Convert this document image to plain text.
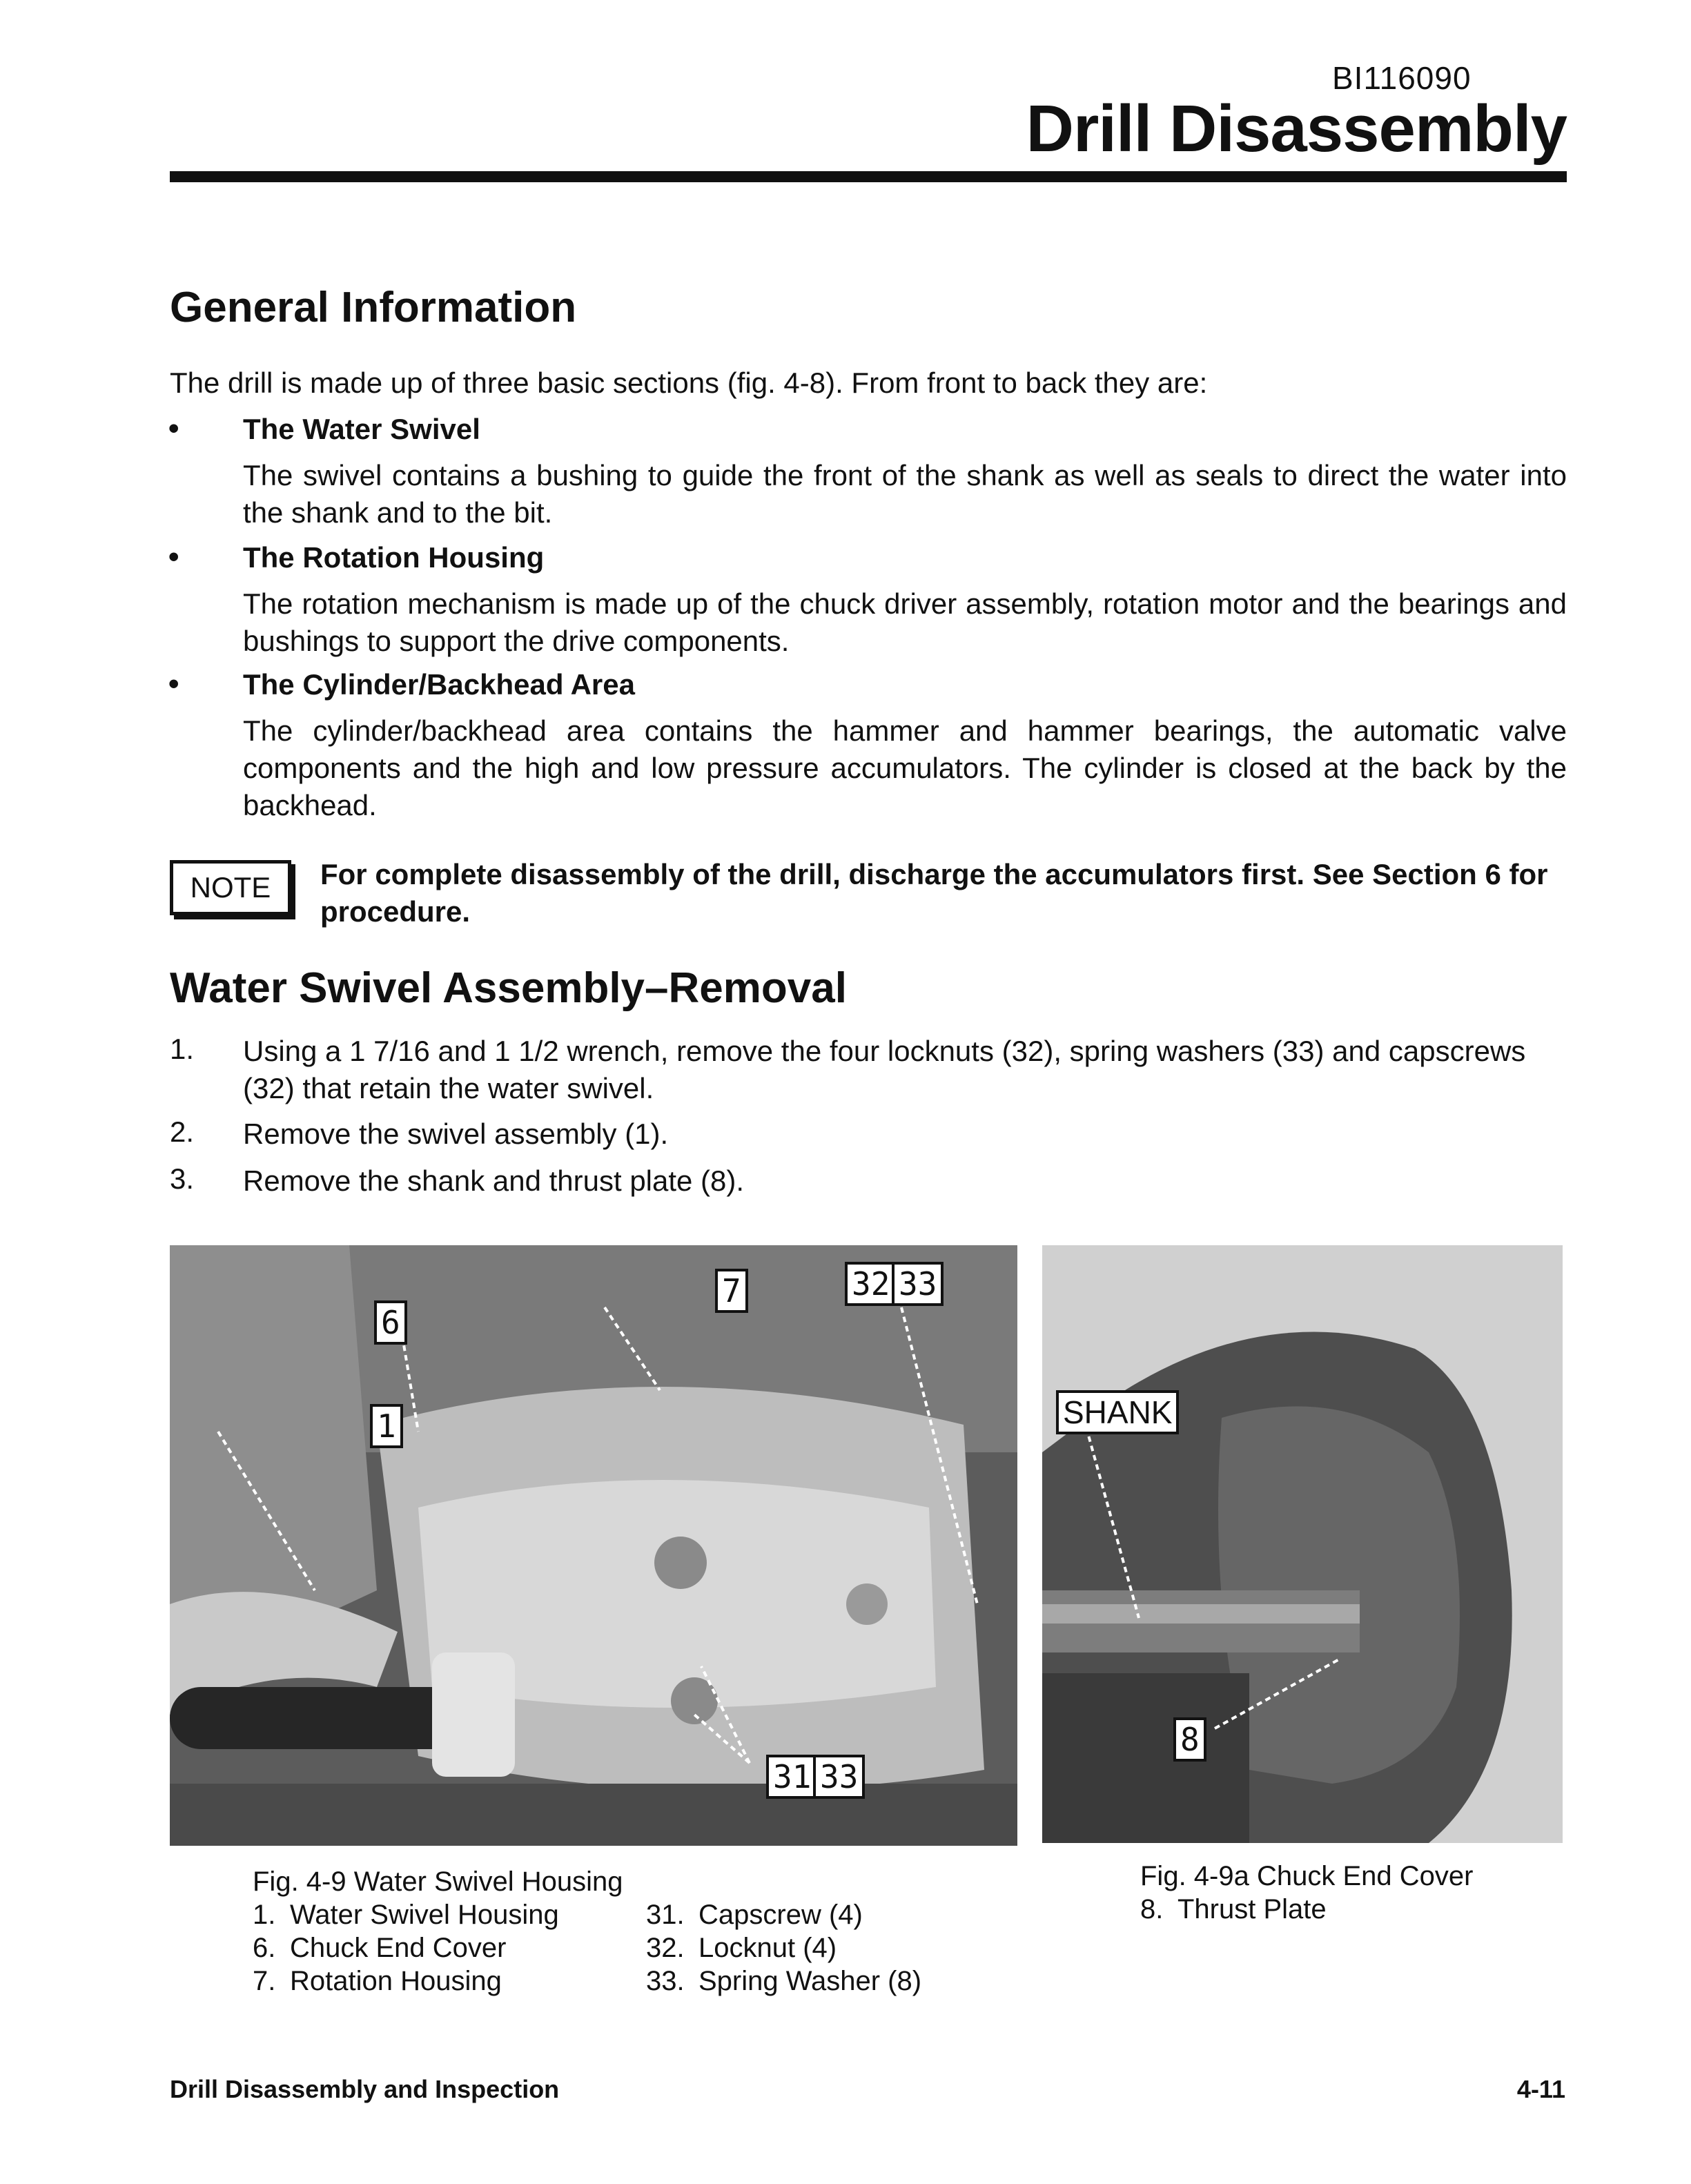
BI116090
Drill Disassembly
General Information
The drill is made up of three basic sections (fig. 4-8). From front to back they are:
• The Water Swivel
The swivel contains a bushing to guide the front of the shank as well as seals to direct the water into the shank and to the bit.
• The Rotation Housing
The rotation mechanism is made up of the chuck driver assembly, rotation motor and the bearings and bushings to support the drive components.
• The Cylinder/Backhead Area
The cylinder/backhead area contains the hammer and hammer bearings, the automatic valve components and the high and low pressure accumulators. The cylinder is closed at the back by the backhead.
NOTE	For complete disassembly of the drill, discharge the accumulators first. See Section 6 for procedure.
Water Swivel Assembly–Removal
1. Using a 1 7/16 and 1 1/2 wrench, remove the four locknuts (32), spring washers (33) and capscrews (32) that retain the water swivel.
2. Remove the swivel assembly (1).
3. Remove the shank and thrust plate (8).
6
7	32 33
1
31 33
SHANK
8
Fig. 4-9 Water Swivel Housing
1. Water Swivel Housing
6. Chuck End Cover
7. Rotation Housing
31. Capscrew (4)
32. Locknut (4)
33. Spring Washer (8)
Fig. 4-9a Chuck End Cover
8. Thrust Plate
Drill Disassembly and Inspection	4-11
